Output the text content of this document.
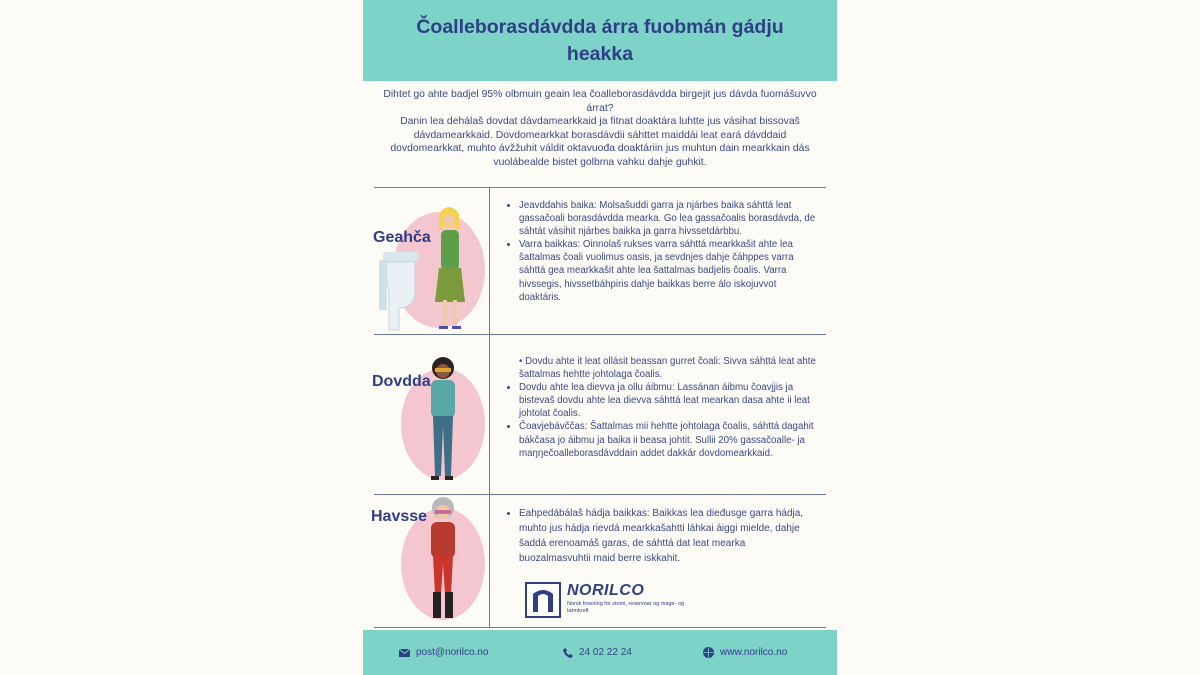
Čoalleborasdávdda árra fuobmán gádju heakka

Dihtet go ahte badjel 95% olbmuin geain lea čoalleborasdávdda birgejit jus dávda fuomášuvvo árrat?

Danin lea dehálaš dovdat dávdamearkkaid ja fitnat doaktára luhtte jus vásihat bissovaš dávdamearkkaid. Dovdomearkkat borasdávdii sáhttet maiddái leat eará dávddaid dovdomearkkat, muhto ávžžuhit váldit oktavuođa doaktáriin jus muhtun dain mearkkain dás vuolábealde bistet golbma vahku dahje guhkit.

Geahča
• Jeavddahis baika: Molsašuddi garra ja njárbes baika sáhttá leat gassačoali borasdávdda mearka. Go lea gassačoalis borasdávda, de sáhtát vásihit njárbes baikka ja garra hivssetdárbbu.
• Varra baikkas: Oinnolaš rukses varra sáhttá mearkkašit ahte lea šattalmas čoali vuolimus oasis, ja sevdnjes dahje čáhppes varra sáhttá gea mearkkašit ahte lea šattalmas badjelis čoalis. Varra hivssegis, hivssetbáhpiris dahje baikkas berre álo iskojuvvot doaktáris.
Dovdda
• Dovdu ahte it leat ollásit beassan gurret čoali: Sivva sáhttá leat ahte šattalmas hehtte johtolaga čoalis.
• Dovdu ahte lea dievva ja ollu áibmu: Lassánan áibmu čoavjjis ja bistevaš dovdu ahte lea dievva sáhttá leat mearkan dasa ahte ii leat johtolat čoalis.
• Čoavjebávččas: Šattalmas mii hehtte johtolaga čoalis, sáhttá dagahit bákčasa jo áibmu ja baika ii beasa johtit. Sullii 20% gassačoalle- ja maŋŋečoalleborasdávddain addet dakkár dovdomearkkaid.
Havsse
•	Eahpedábálaš hádja baikkas: Baikkas lea dieđusge garra hádja, muhto jus hádja rievdá mearkkašahtti láhkai áiggi mielde, dahje šaddá erenoamáš garas, de sáhttá dat leat mearka buozalmasvuhtii maid berre iskkahit.
NORILCO
Norsk forening for stomi, reservoar og mage- og tarmkreft
post@norilco.no	24 02 22 24	www.norilco.no
